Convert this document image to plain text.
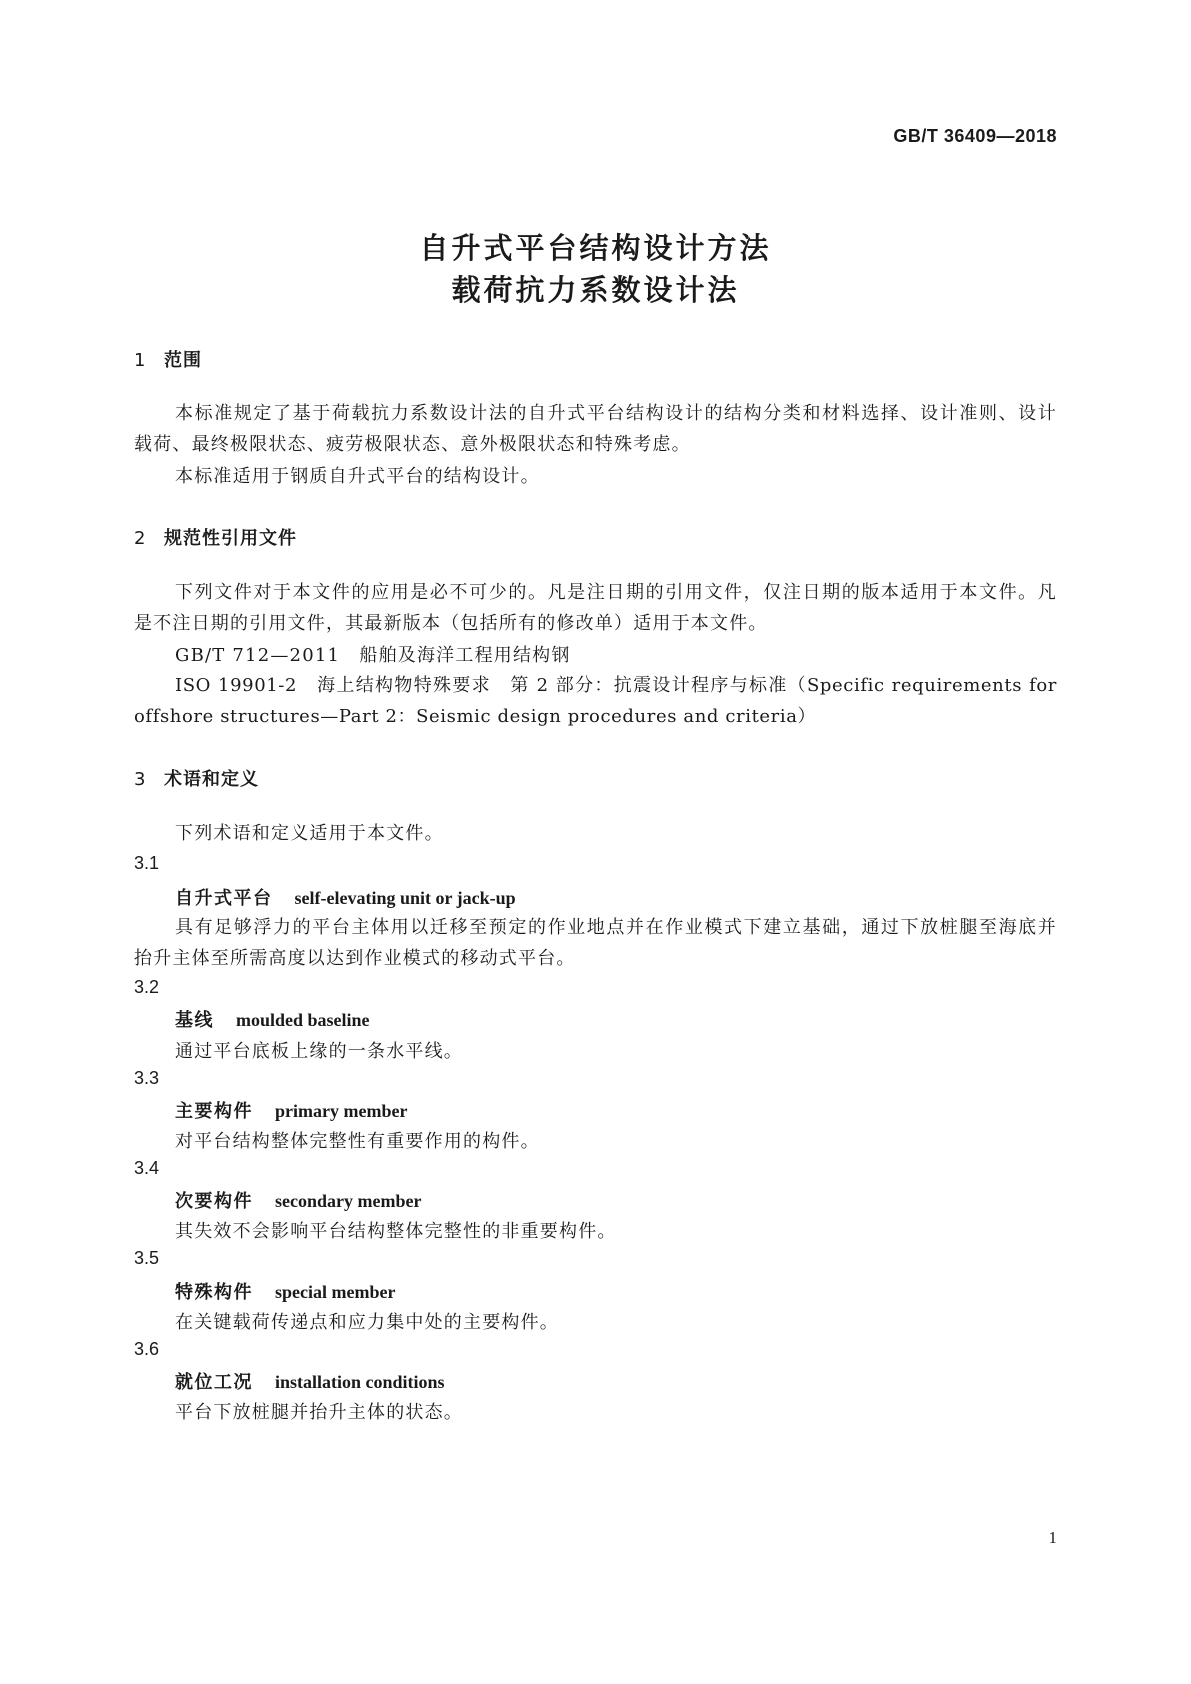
GB/T 36409—2018
自升式平台结构设计方法
载荷抗力系数设计法
1 范围
本标准规定了基于荷载抗力系数设计法的自升式平台结构设计的结构分类和材料选择、设计准则、设计载荷、最终极限状态、疲劳极限状态、意外极限状态和特殊考虑。
本标准适用于钢质自升式平台的结构设计。
2 规范性引用文件
下列文件对于本文件的应用是必不可少的。凡是注日期的引用文件，仅注日期的版本适用于本文件。凡是不注日期的引用文件，其最新版本（包括所有的修改单）适用于本文件。
GB/T 712—2011　船舶及海洋工程用结构钢
ISO 19901-2　海上结构物特殊要求　第 2 部分：抗震设计程序与标准（Specific requirements for offshore structures—Part 2：Seismic design procedures and criteria）
3 术语和定义
下列术语和定义适用于本文件。
3.1
自升式平台 self-elevating unit or jack-up
具有足够浮力的平台主体用以迁移至预定的作业地点并在作业模式下建立基础，通过下放桩腿至海底并抬升主体至所需高度以达到作业模式的移动式平台。
3.2
基线 moulded baseline
通过平台底板上缘的一条水平线。
3.3
主要构件 primary member
对平台结构整体完整性有重要作用的构件。
3.4
次要构件 secondary member
其失效不会影响平台结构整体完整性的非重要构件。
3.5
特殊构件 special member
在关键载荷传递点和应力集中处的主要构件。
3.6
就位工况 installation conditions
平台下放桩腿并抬升主体的状态。
1
